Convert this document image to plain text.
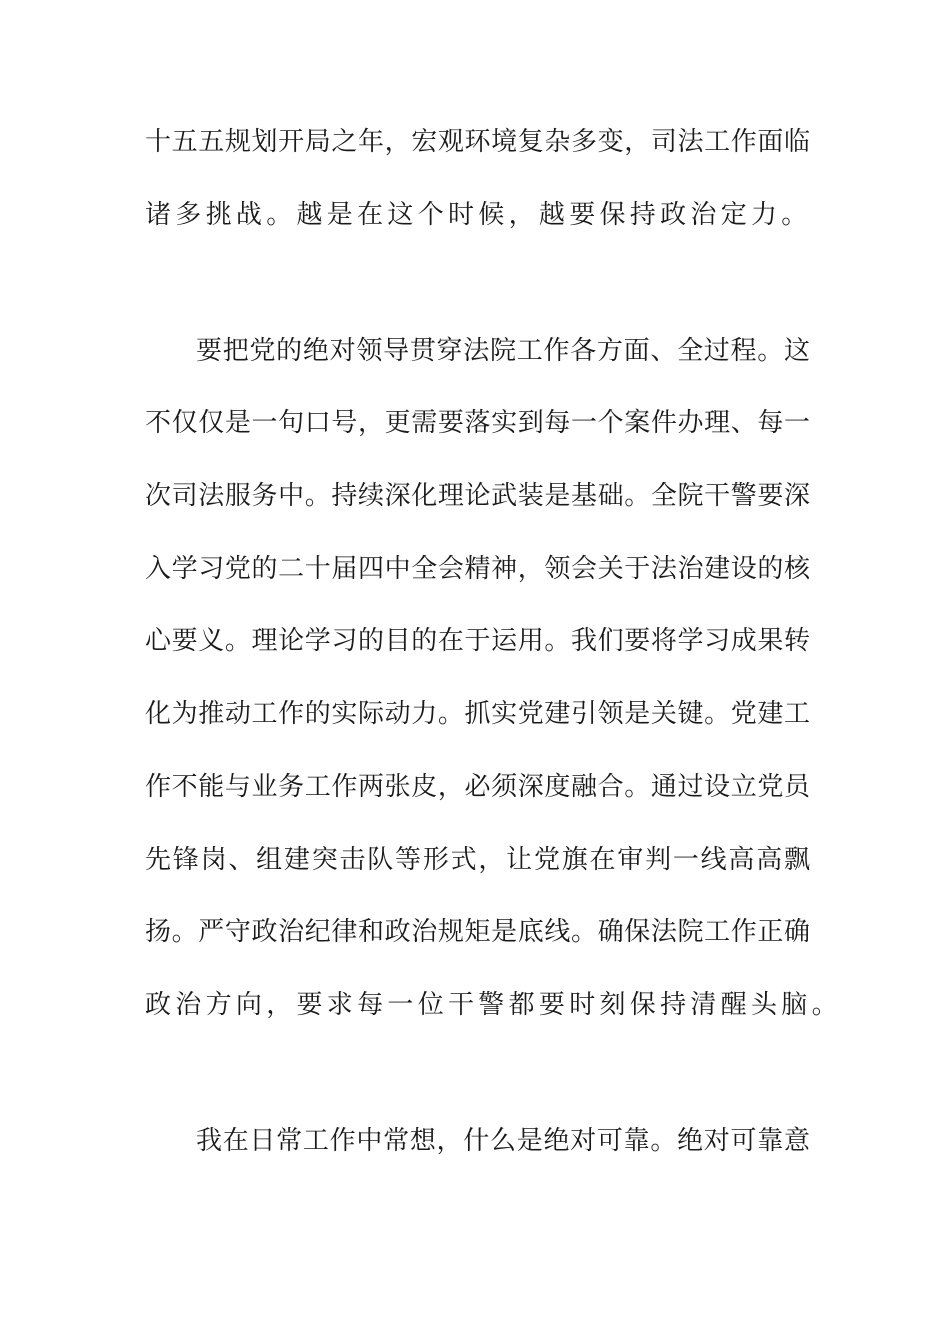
十五五规划开局之年，宏观环境复杂多变，司法工作面临
诸多挑战。越是在这个时候，越要保持政治定力。
要把党的绝对领导贯穿法院工作各方面、全过程。这
不仅仅是一句口号，更需要落实到每一个案件办理、每一
次司法服务中。持续深化理论武装是基础。全院干警要深
入学习党的二十届四中全会精神，领会关于法治建设的核
心要义。理论学习的目的在于运用。我们要将学习成果转
化为推动工作的实际动力。抓实党建引领是关键。党建工
作不能与业务工作两张皮，必须深度融合。通过设立党员
先锋岗、组建突击队等形式，让党旗在审判一线高高飘
扬。严守政治纪律和政治规矩是底线。确保法院工作正确
政治方向，要求每一位干警都要时刻保持清醒头脑。
我在日常工作中常想，什么是绝对可靠。绝对可靠意
